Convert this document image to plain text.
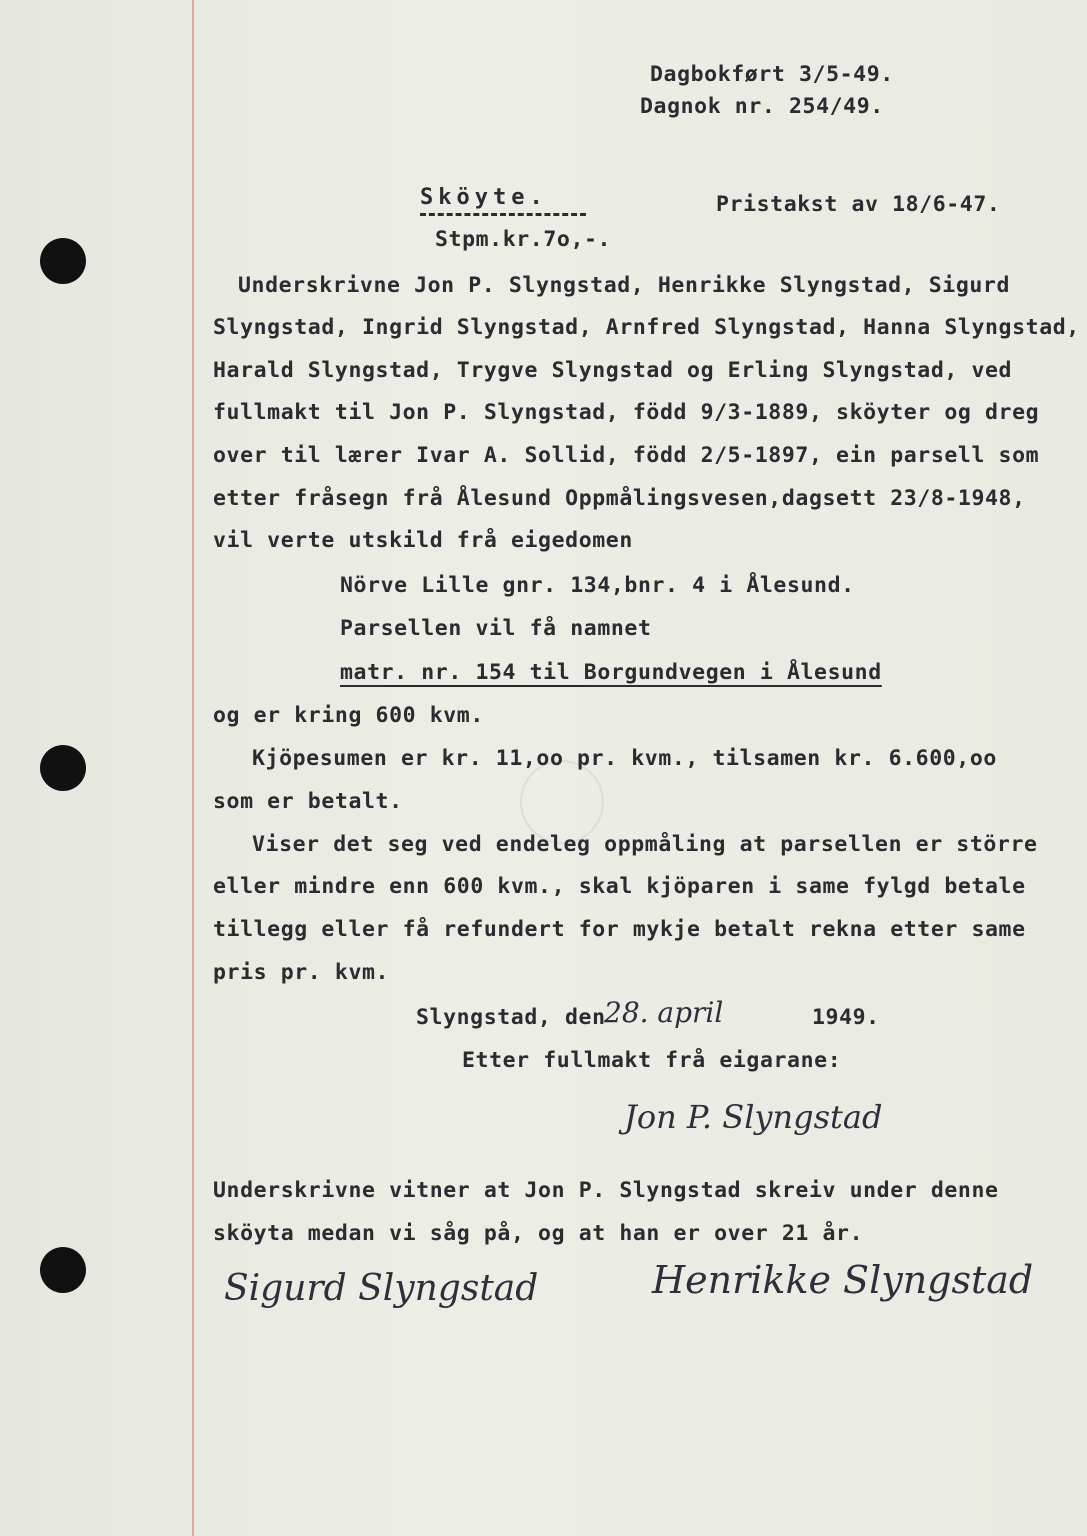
Dagbokført 3/5-49.
Dagnok nr. 254/49.
Sköyte.	Pristakst av 18/6-47.
Stpm.kr.7o,-.
Underskrivne Jon P. Slyngstad, Henrikke Slyngstad, Sigurd
Slyngstad, Ingrid Slyngstad, Arnfred Slyngstad, Hanna Slyngstad,
Harald Slyngstad, Trygve Slyngstad og Erling Slyngstad, ved
fullmakt til Jon P. Slyngstad, född 9/3-1889, sköyter og dreg
over til lærer Ivar A. Sollid, född 2/5-1897, ein parsell som
etter fråsegn frå Ålesund Oppmålingsvesen,dagsett 23/8-1948,
vil verte utskild frå eigedomen
Nörve Lille gnr. 134,bnr. 4 i Ålesund.
Parsellen vil få namnet
matr. nr. 154 til Borgundvegen i Ålesund
og er kring 600 kvm.
Kjöpesumen er kr. 11,oo pr. kvm., tilsamen kr. 6.600,oo
som er betalt.
Viser det seg ved endeleg oppmåling at parsellen er större
eller mindre enn 600 kvm., skal kjöparen i same fylgd betale
tillegg eller få refundert for mykje betalt rekna etter same
pris pr. kvm.
Slyngstad, den
28. april	1949.
Etter fullmakt frå eigarane:
Jon P. Slyngstad
Underskrivne vitner at Jon P. Slyngstad skreiv under denne
sköyta medan vi såg på, og at han er over 21 år.
Sigurd Slyngstad	Henrikke Slyngstad
